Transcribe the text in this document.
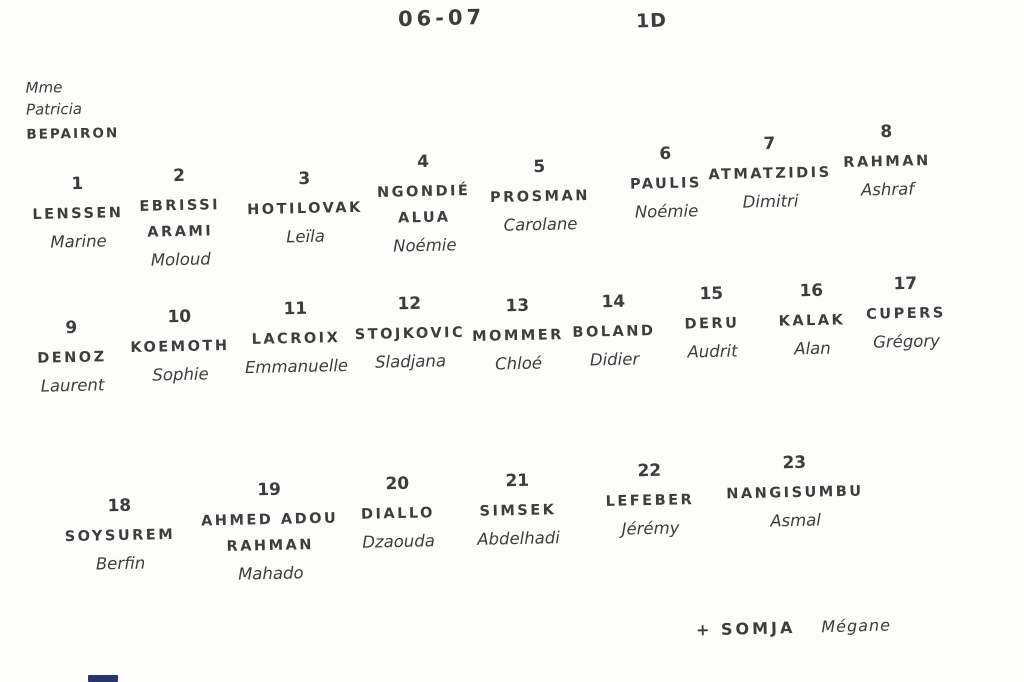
06-07	1D
Mme
Patricia
BEPAIRON
1
LENSSEN
Marine
2
EBRISSI
ARAMI
Moloud
3
HOTILOVAK
Leïla
4
NGONDIÉ
ALUA
Noémie
5
PROSMAN
Carolane
6
PAULIS
Noémie
7
ATMATZIDIS
Dimitri
8
RAHMAN
Ashraf
9
DENOZ
Laurent
10
KOEMOTH
Sophie
11
LACROIX
Emmanuelle
12
STOJKOVIC
Sladjana
13
MOMMER
Chloé
14
BOLAND
Didier
15
DERU
Audrit
16
KALAK
Alan
17
CUPERS
Grégory
18
SOYSUREM
Berfin
19
AHMED ADOU
RAHMAN
Mahado
20
DIALLO
Dzaouda
21
SIMSEK
Abdelhadi
22
LEFEBER
Jérémy
23
NANGISUMBU
Asmal
+ SOMJA Mégane
